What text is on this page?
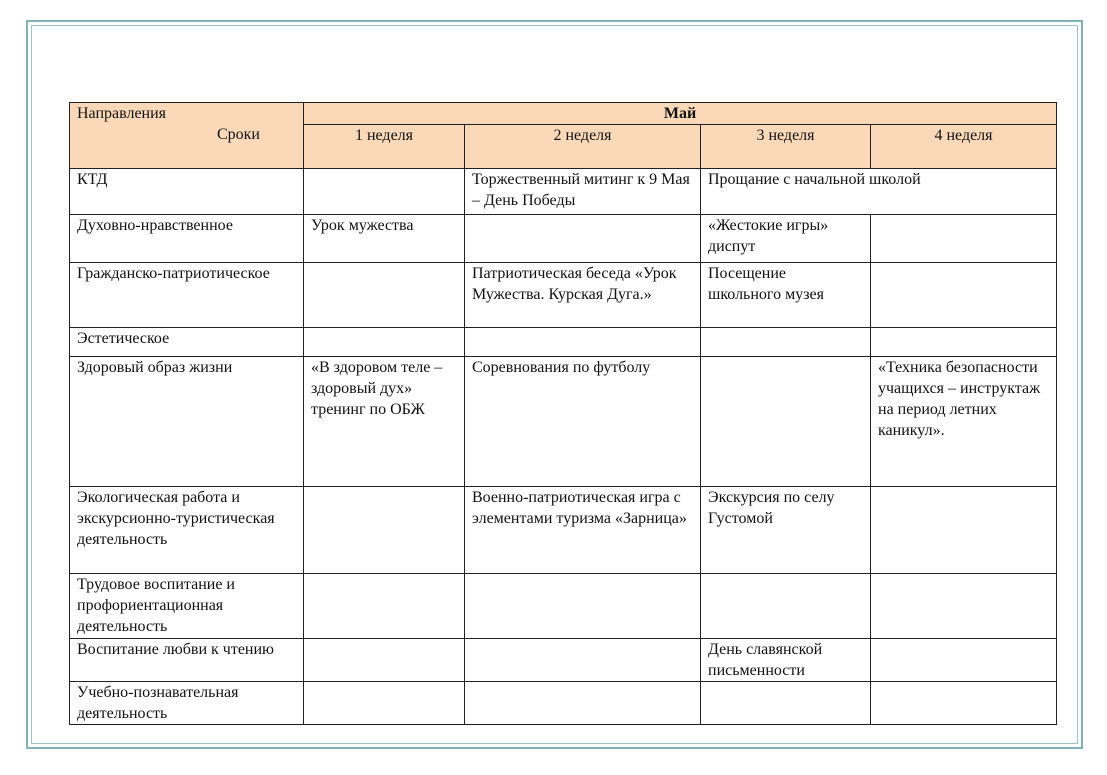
Направления
Сроки	Май			
	1 неделя	2 неделя	3 неделя	4 неделя
КТД		Торжественный митинг к 9 Мая – День Победы	Прощание с начальной школой	
Духовно-нравственное	Урок мужества		«Жестокие игры» диспут	
Гражданско-патриотическое		Патриотическая беседа «Урок Мужества. Курская Дуга.»	Посещение школьного музея	
Эстетическое				
Здоровый образ жизни	«В здоровом теле – здоровый дух» тренинг по ОБЖ	Соревнования по футболу		«Техника безопасности учащихся – инструктаж на период летних каникул».
Экологическая работа и экскурсионно-туристическая деятельность		Военно-патриотическая игра с элементами туризма «Зарница»	Экскурсия по селу Густомой	
Трудовое воспитание и профориентационная деятельность				
Воспитание любви к чтению			День славянской письменности	
Учебно-познавательная деятельность				
